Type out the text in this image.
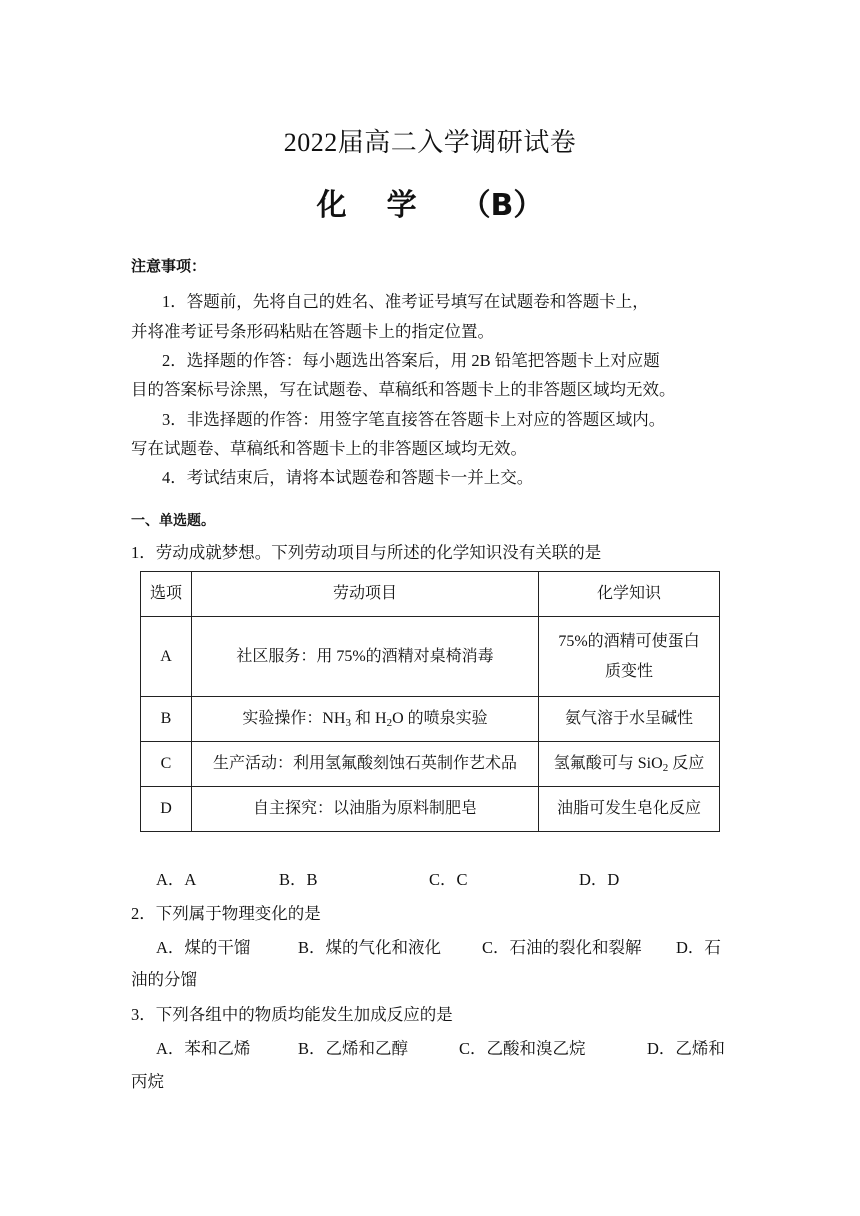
2022届高二入学调研试卷
化 学 （B）
注意事项：
1．答题前，先将自己的姓名、准考证号填写在试题卷和答题卡上，
并将准考证号条形码粘贴在答题卡上的指定位置。
2．选择题的作答：每小题选出答案后，用 2B 铅笔把答题卡上对应题
目的答案标号涂黑，写在试题卷、草稿纸和答题卡上的非答题区域均无效。
3．非选择题的作答：用签字笔直接答在答题卡上对应的答题区域内。
写在试题卷、草稿纸和答题卡上的非答题区域均无效。
4．考试结束后，请将本试题卷和答题卡一并上交。
一、单选题。
1．劳动成就梦想。下列劳动项目与所述的化学知识没有关联的是
选项	劳动项目	化学知识
A	社区服务：用 75%的酒精对桌椅消毒	75%的酒精可使蛋白
质变性

B	实验操作：$NH_3$ 和 $H_2O$ 的喷泉实验	氨气溶于水呈碱性
C	生产活动：利用氢氟酸刻蚀石英制作艺术品	氢氟酸可与 SiO$_2$ 反应
D	自主探究：以油脂为原料制肥皂	油脂可发生皂化反应
A．A	B．B	C．C	D．D
2．下列属于物理变化的是
A．煤的干馏	B．煤的气化和液化 C．石油的裂化和裂解 D．石
油的分馏
3．下列各组中的物质均能发生加成反应的是
A．苯和乙烯	B．乙烯和乙醇	C．乙酸和溴乙烷	D．乙烯和
丙烷
